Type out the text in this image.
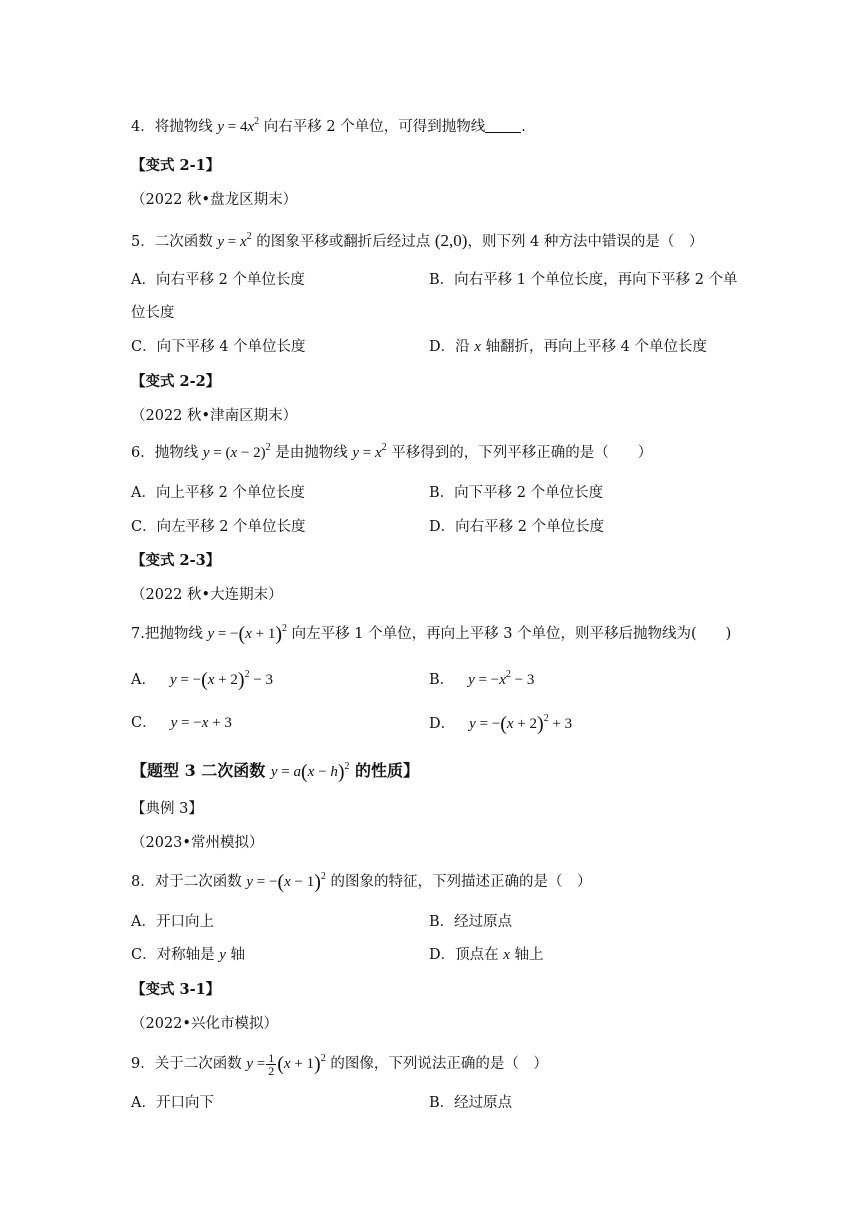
4．将抛物线 $y = 4x^2$ 向右平移 2 个单位，可得到抛物线 .
【变式 2-1】
（2022 秋•盘龙区期末）
5．二次函数 $y = x^2$ 的图象平移或翻折后经过点 (2,0)，则下列 4 种方法中错误的是（　）
A．向右平移 2 个单位长度	B．向右平移 1 个单位长度，再向下平移 2 个单
位长度
C．向下平移 4 个单位长度	D．沿 x 轴翻折，再向上平移 4 个单位长度
【变式 2-2】
（2022 秋•津南区期末）
6．抛物线 $y = (x - 2)^2$ 是由抛物线 $y = x^2$ 平移得到的，下列平移正确的是（　　）
A．向上平移 2 个单位长度	B．向下平移 2 个单位长度
C．向左平移 2 个单位长度	D．向右平移 2 个单位长度
【变式 2-3】
（2022 秋•大连期末）
7.把抛物线 $y = -(x + 1)^2$ 向左平移 1 个单位，再向上平移 3 个单位，则平移后抛物线为(　　)
A． $y = -(x + 2)^2 - 3$	B． $y = -x^2 - 3$
C． y = −x + 3	D． $y = -(x + 2)^2 + 3$
【题型 3 二次函数 $y = a(x - h)^2$ 的性质】
【典例 3】
（2023•常州模拟）
8．对于二次函数 $y = -(x - 1)^2$ 的图象的特征，下列描述正确的是（　）
A．开口向上	B．经过原点
C．对称轴是 y 轴	D．顶点在 x 轴上
【变式 3-1】
（2022•兴化市模拟）
9．关于二次函数 $y = \frac{1}{2} (x + 1)^2$ 的图像，下列说法正确的是（　）
A．开口向下	B．经过原点
